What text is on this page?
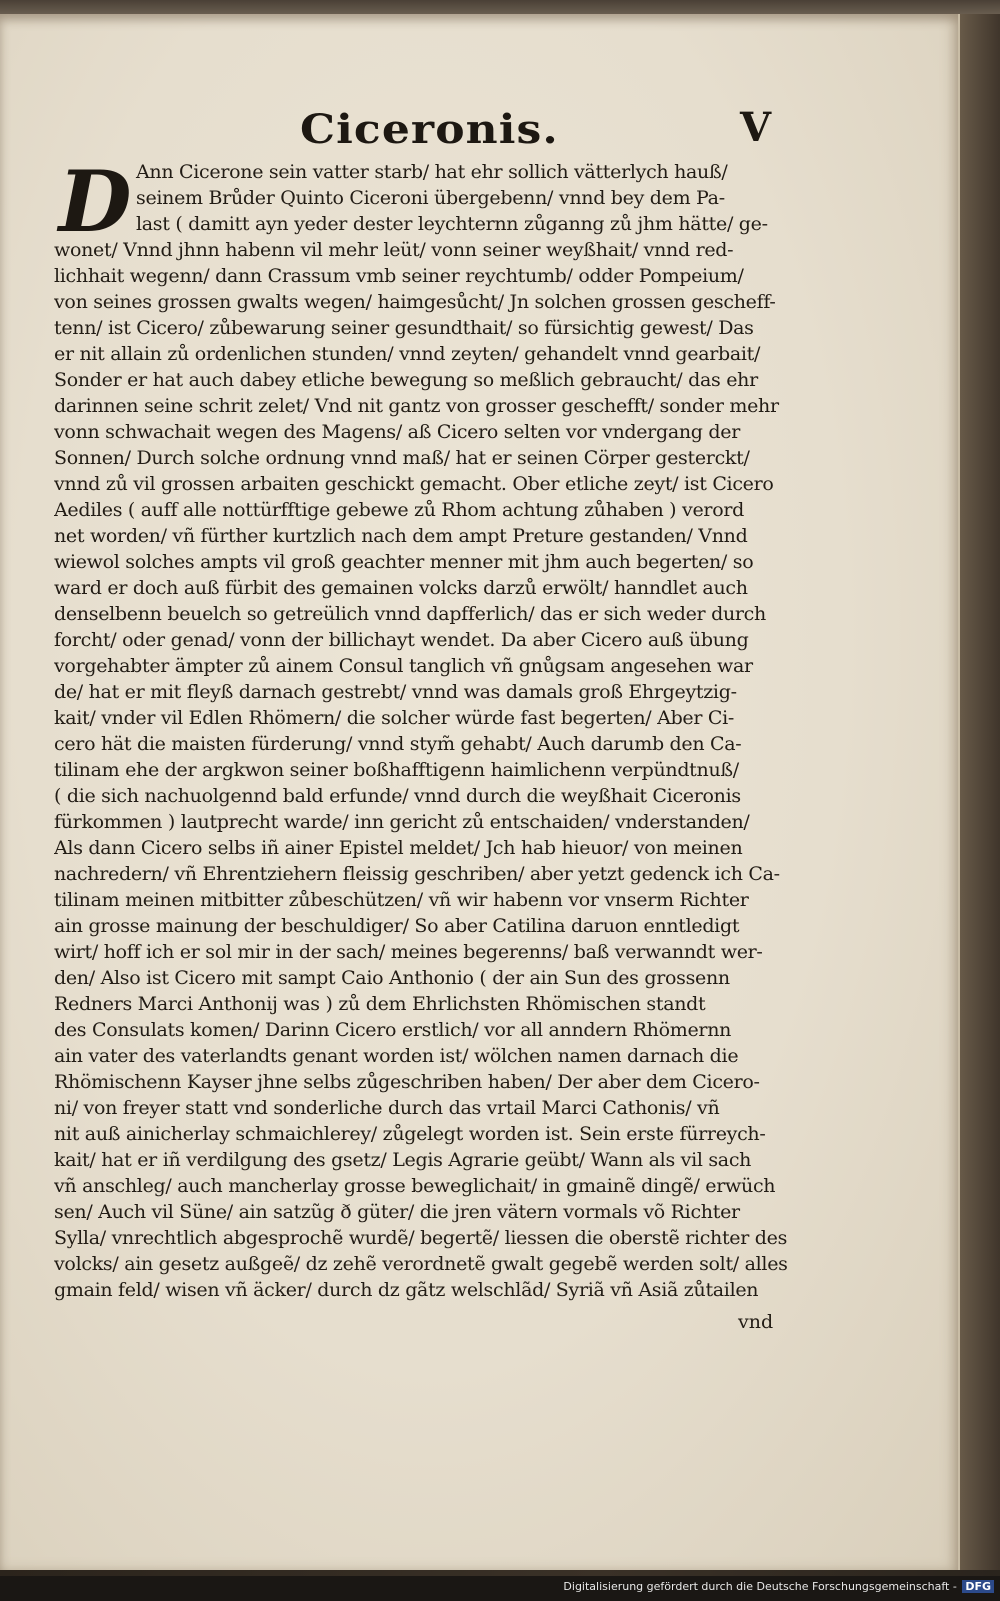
Ciceronis.	V
D Ann Cicerone sein vatter starb/ hat ehr sollich vätterlych hauß/
seinem Brůder Quinto Ciceroni übergebenn/ vnnd bey dem Pa-
last ( damitt ayn yeder dester leychternn zůganng zů jhm hätte/ ge-
wonet/ Vnnd jhnn habenn vil mehr leüt/ vonn seiner weyßhait/ vnnd red-
lichhait wegenn/ dann Crassum vmb seiner reychtumb/ odder Pompeium/
von seines grossen gwalts wegen/ haimgesůcht/ Jn solchen grossen gescheff-
tenn/ ist Cicero/ zůbewarung seiner gesundthait/ so fürsichtig gewest/ Das
er nit allain zů ordenlichen stunden/ vnnd zeyten/ gehandelt vnnd gearbait/
Sonder er hat auch dabey etliche bewegung so meßlich gebraucht/ das ehr
darinnen seine schrit zelet/ Vnd nit gantz von grosser geschefft/ sonder mehr
vonn schwachait wegen des Magens/ aß Cicero selten vor vndergang der
Sonnen/ Durch solche ordnung vnnd maß/ hat er seinen Cörper gesterckt/
vnnd zů vil grossen arbaiten geschickt gemacht. Ober etliche zeyt/ ist Cicero
Aediles ( auff alle nottürfftige gebewe zů Rhom achtung zůhaben ) verord
net worden/ vñ fürther kurtzlich nach dem ampt Preture gestanden/ Vnnd
wiewol solches ampts vil groß geachter menner mit jhm auch begerten/ so
ward er doch auß fürbit des gemainen volcks darzů erwölt/ hanndlet auch
denselbenn beuelch so getreülich vnnd dapfferlich/ das er sich weder durch
forcht/ oder genad/ vonn der billichayt wendet. Da aber Cicero auß übung
vorgehabter ämpter zů ainem Consul tanglich vñ gnůgsam angesehen war
de/ hat er mit fleyß darnach gestrebt/ vnnd was damals groß Ehrgeytzig-
kait/ vnder vil Edlen Rhömern/ die solcher würde fast begerten/ Aber Ci-
cero hät die maisten fürderung/ vnnd stym̃ gehabt/ Auch darumb den Ca-
tilinam ehe der argkwon seiner boßhafftigenn haimlichenn verpündtnuß/
( die sich nachuolgennd bald erfunde/ vnnd durch die weyßhait Ciceronis
fürkommen ) lautprecht warde/ inn gericht zů entschaiden/ vnderstanden/
Als dann Cicero selbs iñ ainer Epistel meldet/ Jch hab hieuor/ von meinen
nachredern/ vñ Ehrentziehern fleissig geschriben/ aber yetzt gedenck ich Ca-
tilinam meinen mitbitter zůbeschützen/ vñ wir habenn vor vnserm Richter
ain grosse mainung der beschuldiger/ So aber Catilina daruon enntledigt
wirt/ hoff ich er sol mir in der sach/ meines begerenns/ baß verwanndt wer-
den/ Also ist Cicero mit sampt Caio Anthonio ( der ain Sun des grossenn
Redners Marci Anthonij was ) zů dem Ehrlichsten Rhömischen standt
des Consulats komen/ Darinn Cicero erstlich/ vor all anndern Rhömernn
ain vater des vaterlandts genant worden ist/ wölchen namen darnach die
Rhömischenn Kayser jhne selbs zůgeschriben haben/ Der aber dem Cicero-
ni/ von freyer statt vnd sonderliche durch das vrtail Marci Cathonis/ vñ
nit auß ainicherlay schmaichlerey/ zůgelegt worden ist. Sein erste fürreych-
kait/ hat er iñ verdilgung des gsetz/ Legis Agrarie geübt/ Wann als vil sach
vñ anschleg/ auch mancherlay grosse beweglichait/ in gmainẽ dingẽ/ erwüch
sen/ Auch vil Süne/ ain satzũg ð güter/ die jren vätern vormals võ Richter
Sylla/ vnrechtlich abgesprochẽ wurdẽ/ begertẽ/ liessen die oberstẽ richter des
volcks/ ain gesetz außgeẽ/ dz zehẽ verordnetẽ gwalt gegebẽ werden solt/ alles
gmain feld/ wisen vñ äcker/ durch dz gãtz welschlãd/ Syriã vñ Asiã zůtailen
vnd
Digitalisierung gefördert durch die Deutsche Forschungsgemeinschaft - DFG
